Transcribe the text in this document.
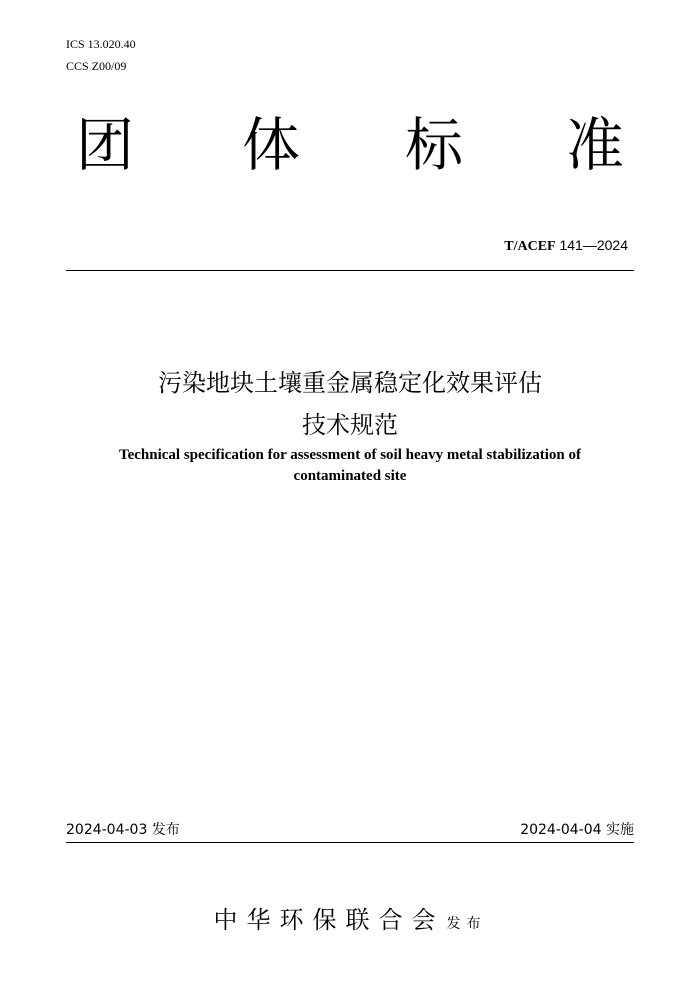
ICS 13.020.40
CCS Z00/09
团 体 标 准
T/ACEF 141—2024
污染地块土壤重金属稳定化效果评估
技术规范
Technical specification for assessment of soil heavy metal stabilization of
contaminated site
2024-04-03 发布	2024-04-04 实施
中华环保联合会 发布
